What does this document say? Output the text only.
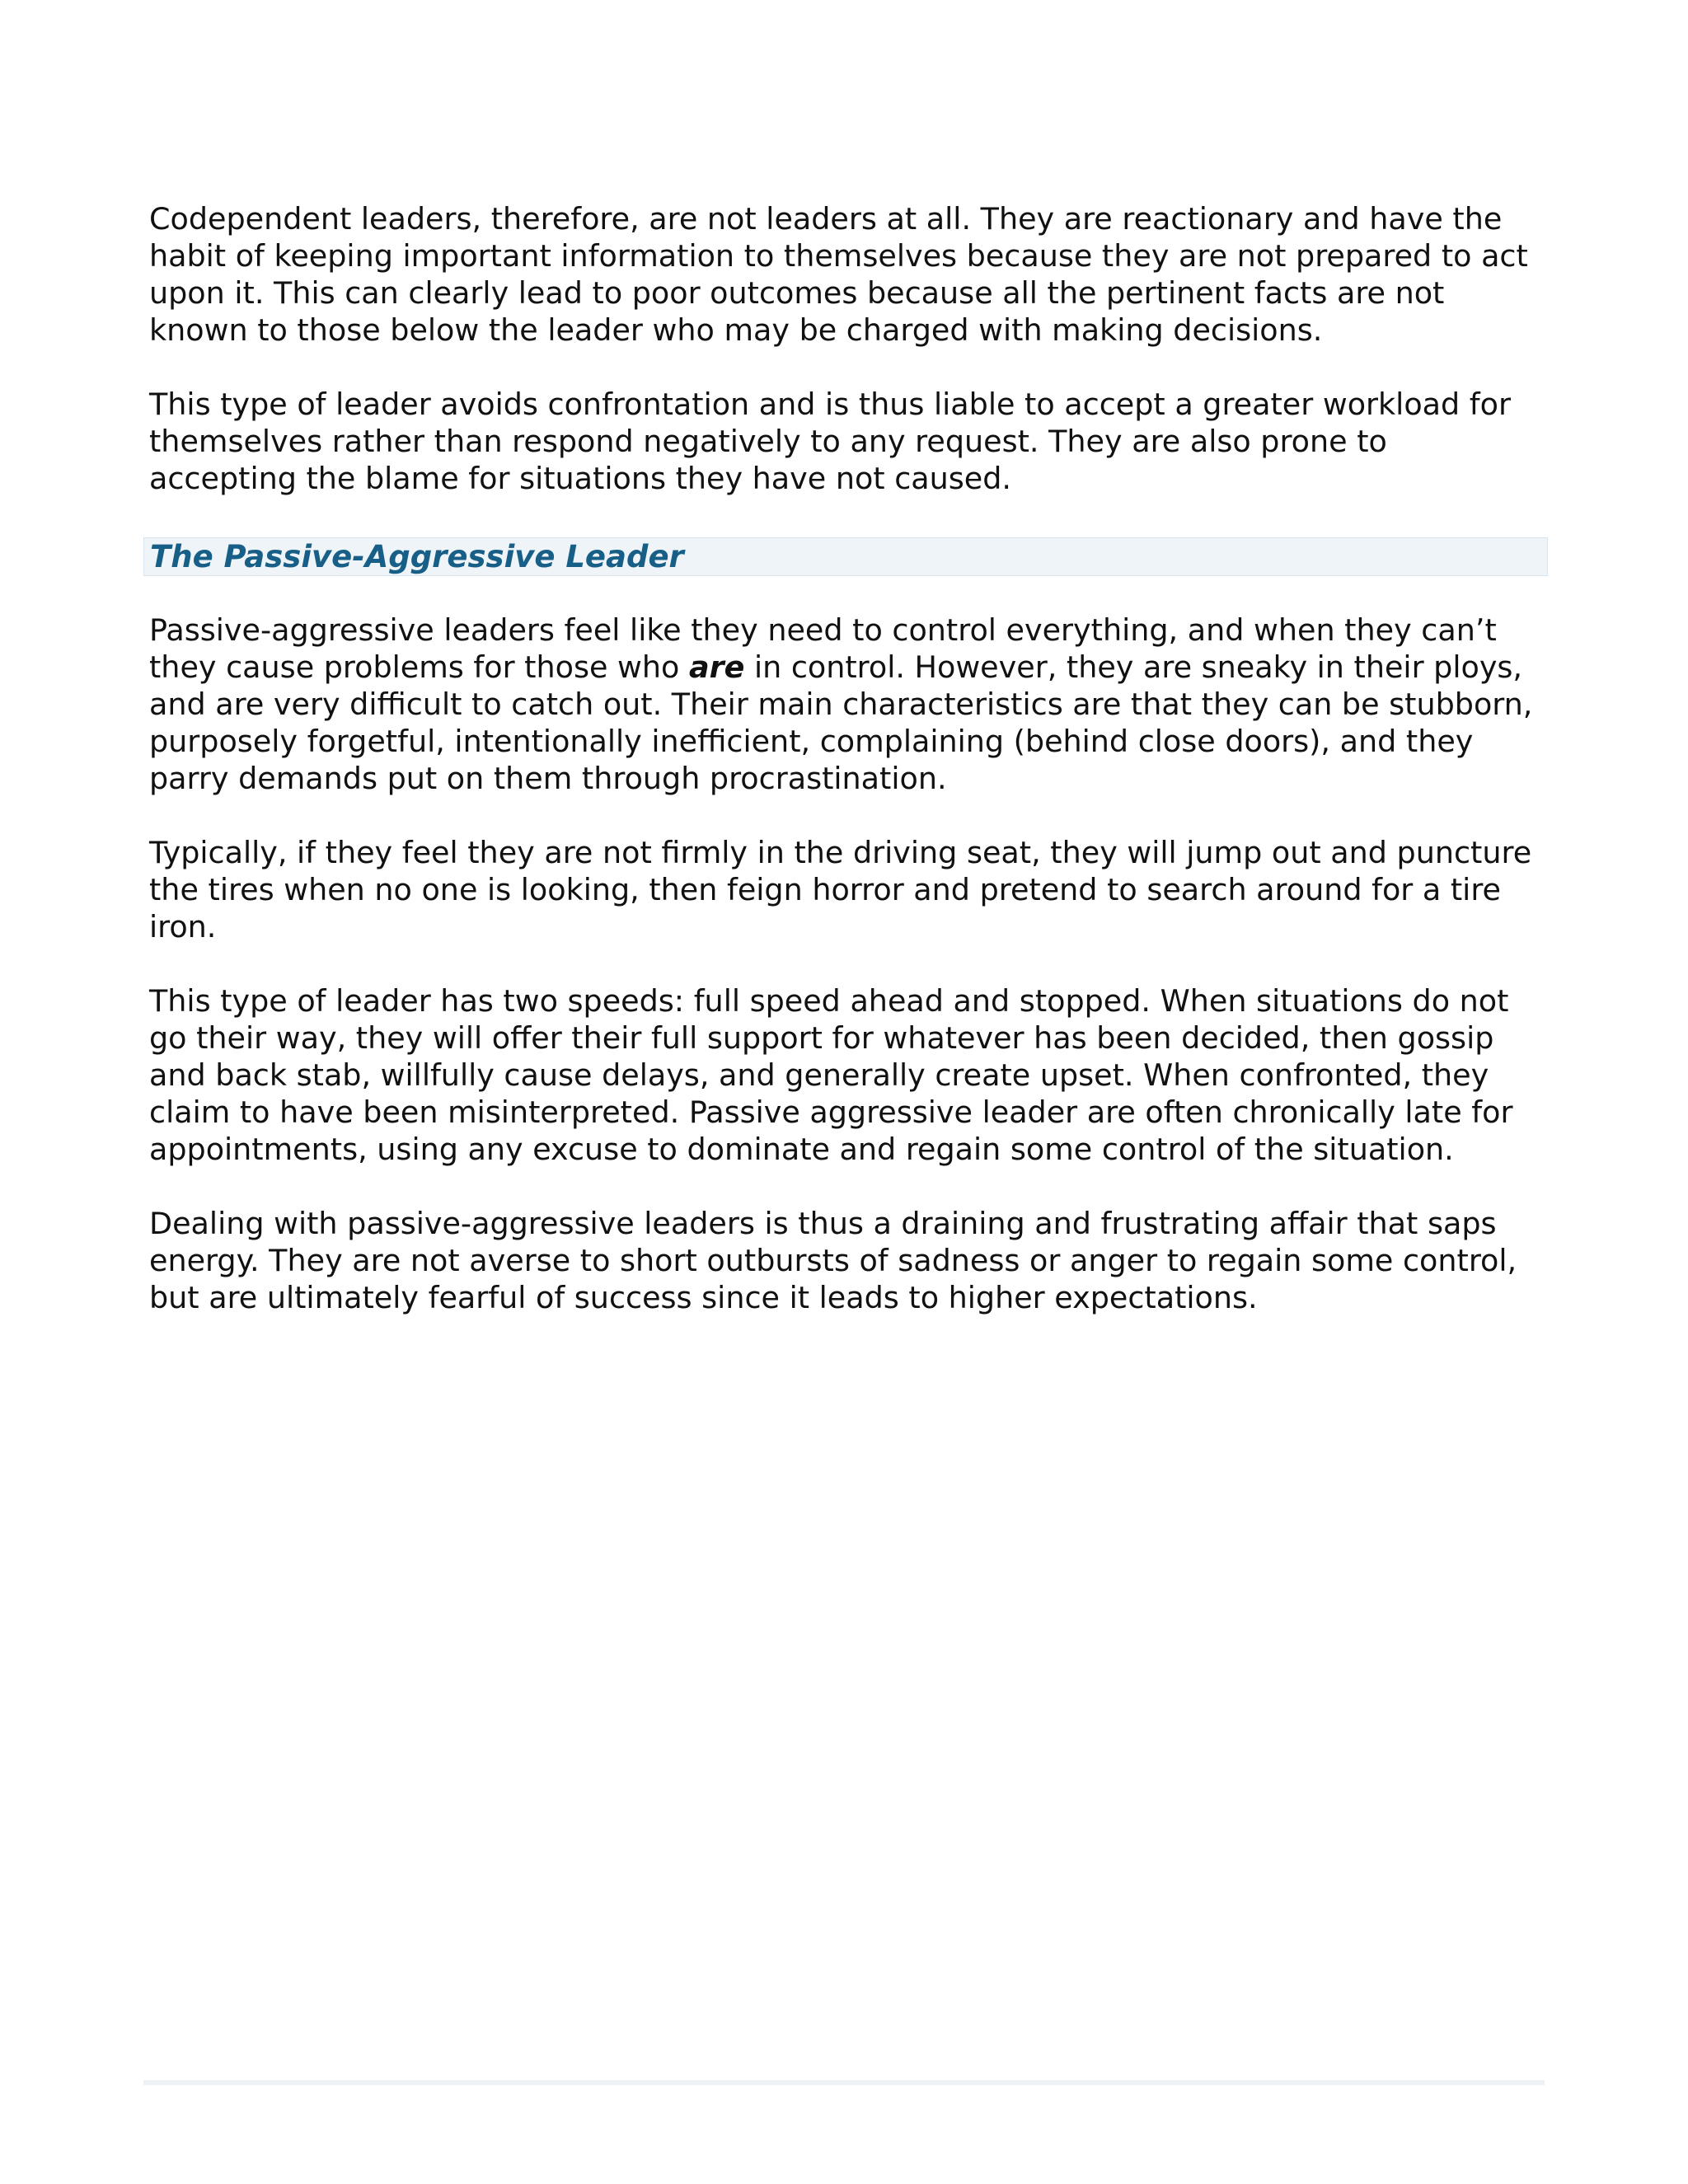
Codependent leaders, therefore, are not leaders at all. They are reactionary and have the habit of keeping important information to themselves because they are not prepared to act upon it. This can clearly lead to poor outcomes because all the pertinent facts are not known to those below the leader who may be charged with making decisions.

This type of leader avoids confrontation and is thus liable to accept a greater workload for themselves rather than respond negatively to any request. They are also prone to accepting the blame for situations they have not caused.

The Passive-Aggressive Leader

Passive-aggressive leaders feel like they need to control everything, and when they can’t they cause problems for those who are in control. However, they are sneaky in their ploys, and are very difficult to catch out. Their main characteristics are that they can be stubborn, purposely forgetful, intentionally inefficient, complaining (behind close doors), and they parry demands put on them through procrastination.

Typically, if they feel they are not firmly in the driving seat, they will jump out and puncture the tires when no one is looking, then feign horror and pretend to search around for a tire iron.

This type of leader has two speeds: full speed ahead and stopped. When situations do not go their way, they will offer their full support for whatever has been decided, then gossip and back stab, willfully cause delays, and generally create upset. When confronted, they claim to have been misinterpreted. Passive aggressive leader are often chronically late for appointments, using any excuse to dominate and regain some control of the situation.

Dealing with passive-aggressive leaders is thus a draining and frustrating affair that saps energy. They are not averse to short outbursts of sadness or anger to regain some control, but are ultimately fearful of success since it leads to higher expectations.
